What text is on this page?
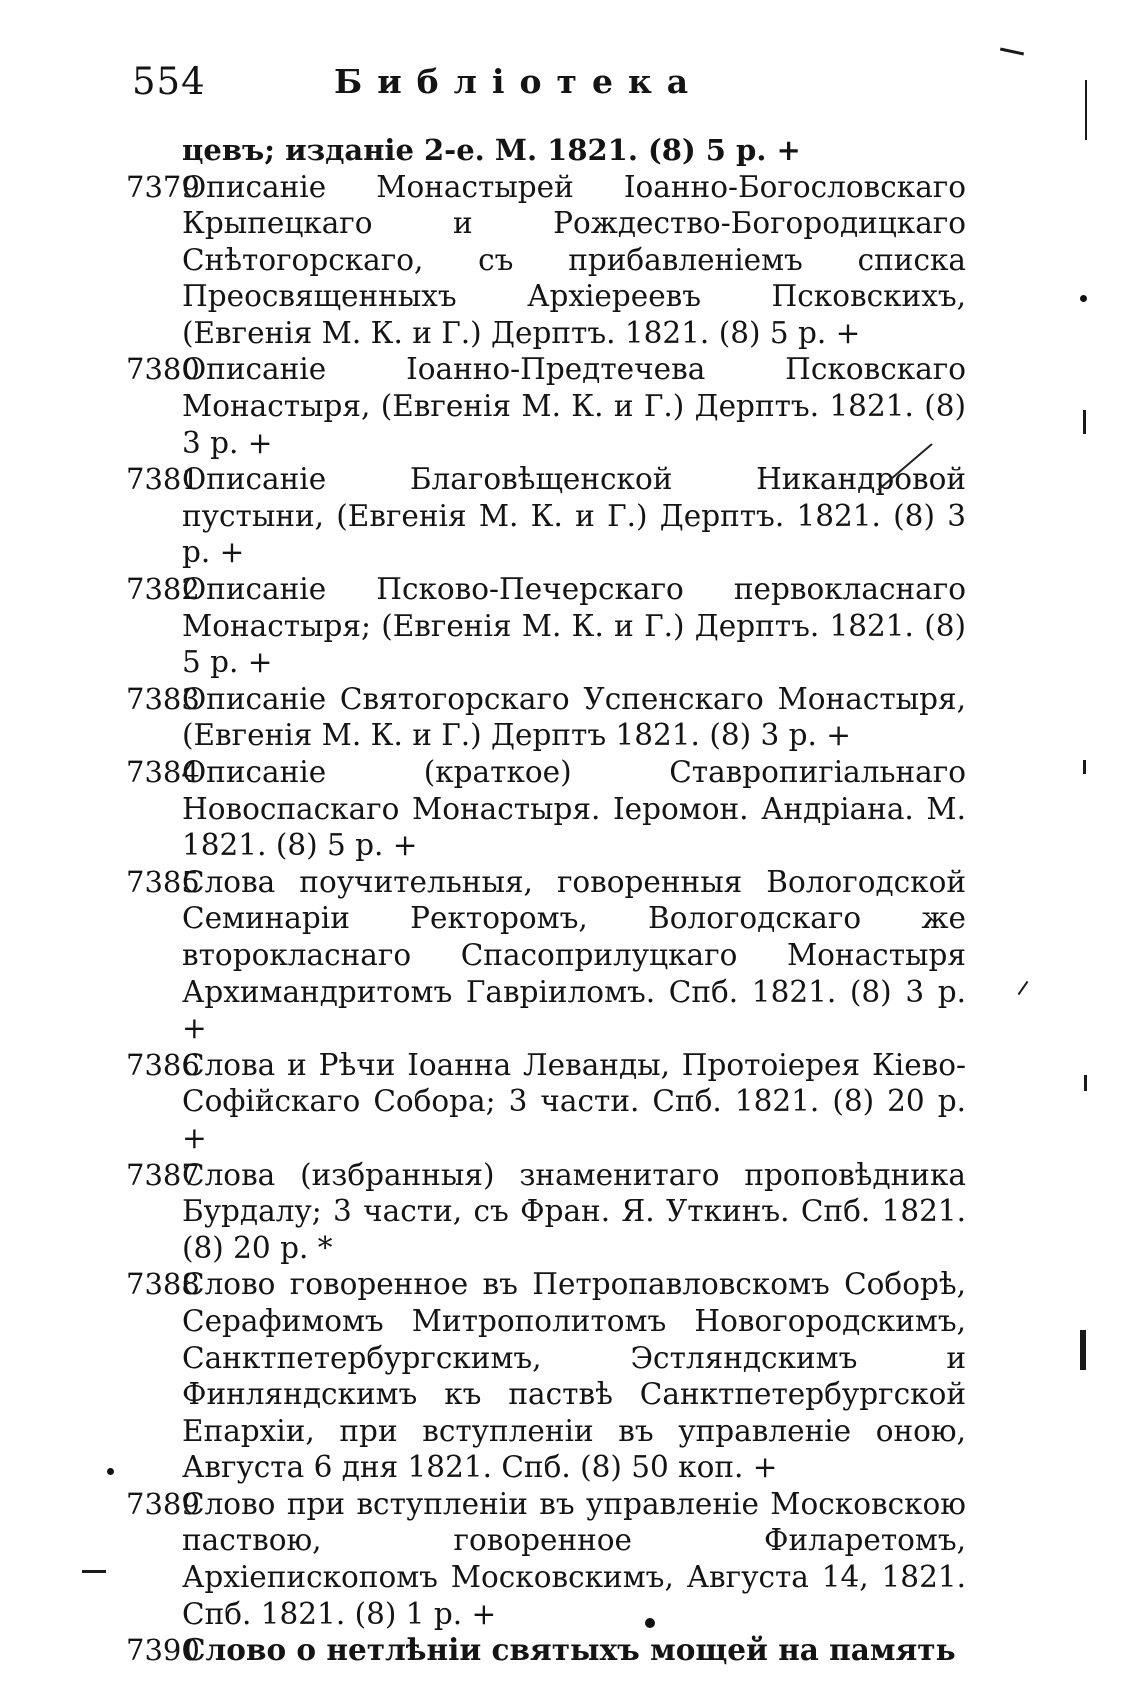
554	Библіотека

цевъ; изданіе 2-е. М. 1821. (8) 5 р. +

7379
Описаніе Монастырей Іоанно-Богословскаго Крыпецкаго и Рождество-Богородицкаго Снѣтогорскаго, съ прибавленіемъ списка Преосвященныхъ Архіереевъ Псковскихъ, (Евгенія М. К. и Г.) Дерптъ. 1821. (8) 5 р. +
7380
Описаніе Іоанно-Предтечева Псковскаго Монастыря, (Евгенія М. К. и Г.) Дерптъ. 1821. (8) 3 р. +
7381
Описаніе Благовѣщенской Никандровой пустыни, (Евгенія М. К. и Г.) Дерптъ. 1821. (8) 3 р. +
7382
Описаніе Псково-Печерскаго первокласнаго Монастыря; (Евгенія М. К. и Г.) Дерптъ. 1821. (8) 5 р. +
7383
Описаніе Святогорскаго Успенскаго Монастыря, (Евгенія М. К. и Г.) Дерптъ 1821. (8) 3 р. +
7384
Описаніе (краткое) Ставропигіальнаго Новоспаскаго Монастыря. Іеромон. Андріана. М. 1821. (8) 5 р. +
7385
Слова поучительныя, говоренныя Вологодской Семинаріи Ректоромъ, Вологодскаго же второкласнаго Спасоприлуцкаго Монастыря Архимандритомъ Гавріиломъ. Спб. 1821. (8) 3 р. +
7386
Слова и Рѣчи Іоанна Леванды, Протоіерея Кіево-Софійскаго Собора; 3 части. Спб. 1821. (8) 20 р. +
7387
Слова (избранныя) знаменитаго проповѣдника Бурдалу; 3 части, съ Фран. Я. Уткинъ. Спб. 1821. (8) 20 р. *
7388
Слово говоренное въ Петропавловскомъ Соборѣ, Серафимомъ Митрополитомъ Новогородскимъ, Санктпетербургскимъ, Эстляндскимъ и Финляндскимъ къ паствѣ Санктпетербургской Епархіи, при вступленіи въ управленіе оною, Августа 6 дня 1821. Спб. (8) 50 коп. +
7389
Слово при вступленіи въ управленіе Московскою паствою, говоренное Филаретомъ, Архіепископомъ Московскимъ, Августа 14, 1821. Спб. 1821. (8) 1 р. +
7390
Слово о нетлѣніи святыхъ мощей на память
